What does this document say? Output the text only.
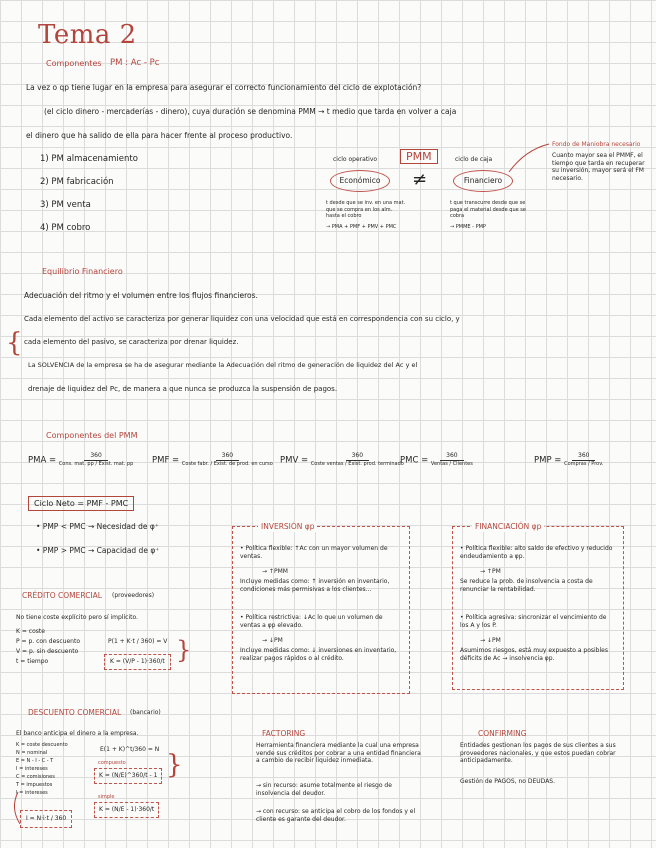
Tema 2
Componentes PM : Aᴄ - Pᴄ
La vez o qp tiene lugar en la empresa para asegurar el correcto funcionamiento del ciclo de explotación?
(el ciclo dinero - mercaderías - dinero), cuya duración se denomina PMM → t medio que tarda en volver a caja
el dinero que ha salido de ella para hacer frente al proceso productivo.
1) PM almacenamiento
2) PM fabricación
3) PM venta
4) PM cobro
ciclo operativo	PMM	ciclo de caja
Económico	≠	Financiero
t desde que se inv. en una mat. que se compra en los alm. hasta el cobro
→ PMA + PMF + PMV + PMC
t que transcurre desde que se paga el material desde que se cobra
→ PMME - PMP
Fondo de Maniobra necesario
Cuanto mayor sea el PMMF, el tiempo que tarda en recuperar su inversión, mayor será el FM necesario.
Equilibrio Financiero
Adecuación del ritmo y el volumen entre los flujos financieros.
Cada elemento del activo se caracteriza por generar liquidez con una velocidad que está en correspondencia con su ciclo, y
{ cada elemento del pasivo, se caracteriza por drenar liquidez.
La SOLVENCIA de la empresa se ha de asegurar mediante la Adecuación del ritmo de generación de liquidez del Aᴄ y el
drenaje de liquidez del Pᴄ, de manera a que nunca se produzca la suspensión de pagos.
Componentes del PMM
PMA = $\frac{360}{\text{Cons. mat. pp / Exist. mat. pp}}$ PMF = $\frac{360}{\text{Coste fabr. / Exist. de prod. en curso}}$ PMV = $\frac{360}{\text{Coste ventas / Exist. prod. terminado}}$
PMC = $\frac{360}{\text{Ventas / Clientes}}$	PMP = $\frac{360}{\text{Compras / Prov.}}$
Ciclo Neto = PMF - PMC
• PMP < PMC → Necesidad de φ⁺
• PMP > PMC → Capacidad de φ⁺
INVERSIÓN φp
• Política flexible: ↑Aᴄ con un mayor volumen de ventas.
→ ↑PMM
Incluye medidas como: ↑ inversión en inventario, condiciones más permisivas a los clientes…
• Política restrictiva: ↓Aᴄ lo que un volumen de ventas a φp elevado.
→ ↓PM
Incluye medidas como: ↓ inversiones en inventario, realizar pagos rápidos o al crédito.
FINANCIACIÓN φp
• Política flexible: alto saldo de efectivo y reducido endeudamiento a φp.
→ ↑PM
Se reduce la prob. de insolvencia a costa de renunciar la rentabilidad.
• Política agresiva: sincronizar el vencimiento de los A y los P.
→ ↓PM
Asumimos riesgos, está muy expuesto a posibles déficits de Aᴄ → insolvencia φp.
CRÉDITO COMERCIAL (proveedores)
No tiene coste explícito pero sí implícito.
K = coste
P = p. con descuento
V = p. sin descuento
t = tiempo
P(1 + K·t / 360) = V
K = (V/P - 1)·360/t }
DESCUENTO COMERCIAL (bancario)
El banco anticipa el dinero a la empresa.
K = coste descuento
N = nominal
E = N - I - C - T
I = intereses
C = comisiones
T = impuestos
I = intereses
E(1 + K)^t/360 = N
compuesto
K = (N/E)^360/t - 1
simple
K = (N/E - 1)·360/t
}
I = N·i·t / 360
FACTORING
Herramienta financiera mediante la cual una empresa vende sus créditos por cobrar a una entidad financiera a cambio de recibir liquidez inmediata.
→ sin recurso: asume totalmente el riesgo de insolvencia del deudor.
→ con recurso: se anticipa el cobro de los fondos y el cliente es garante del deudor.
CONFIRMING
Entidades gestionan los pagos de sus clientes a sus proveedores nacionales, y que estos puedan cobrar anticipadamente.
Gestión de PAGOS, no DEUDAS.
